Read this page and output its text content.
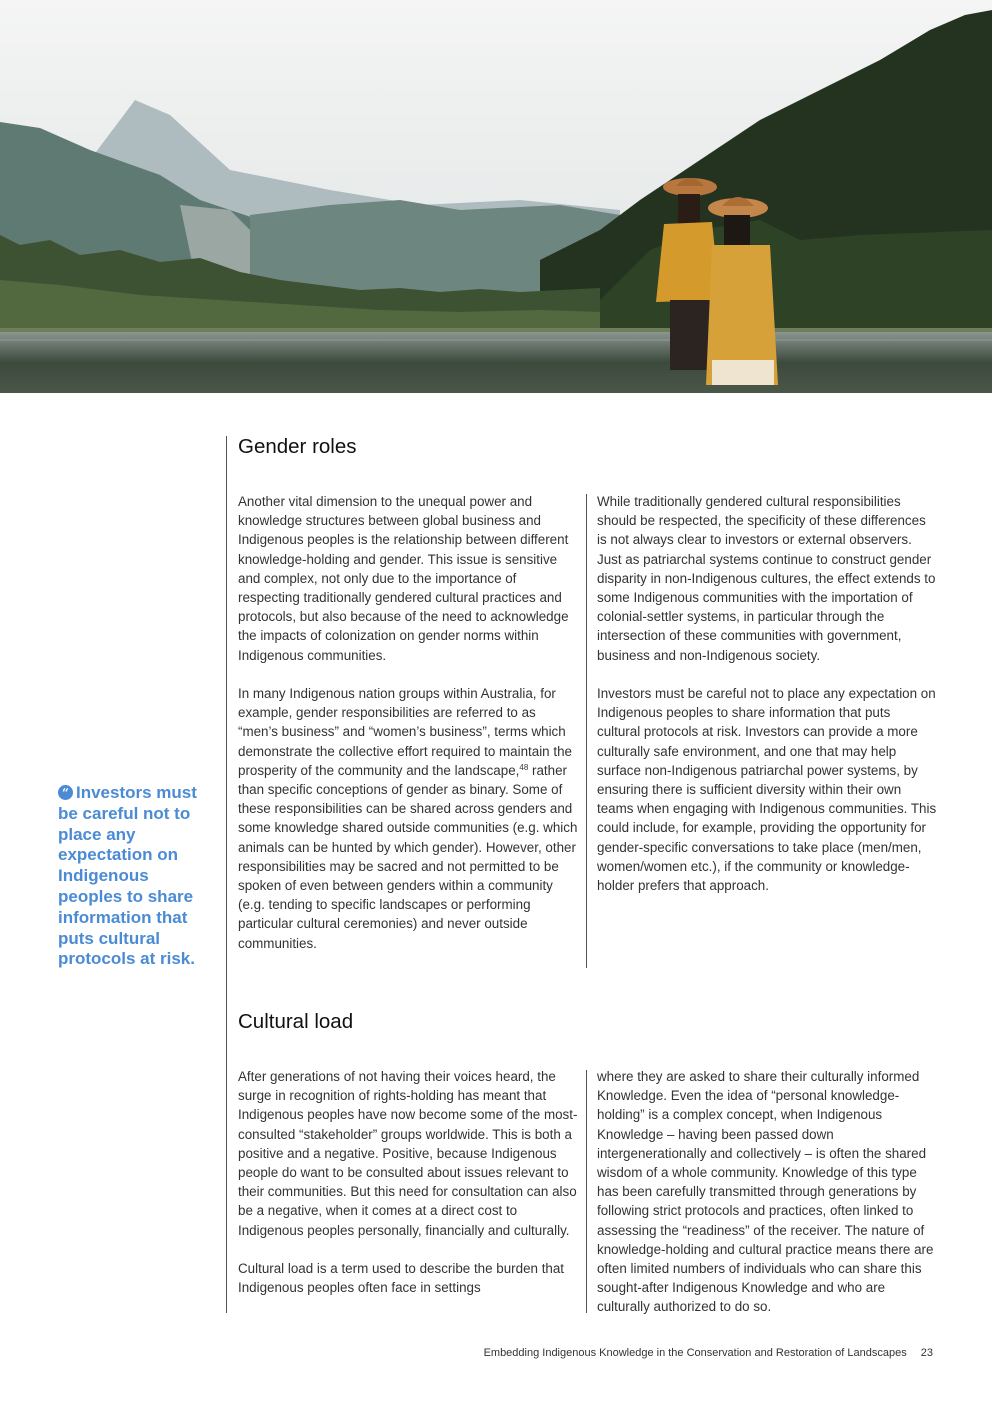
“ Investors must be careful not to place any expectation on Indigenous peoples to share information that puts cultural protocols at risk.
Gender roles

Another vital dimension to the unequal power and knowledge structures between global business and Indigenous peoples is the relationship between different knowledge-holding and gender. This issue is sensitive and complex, not only due to the importance of respecting traditionally gendered cultural practices and protocols, but also because of the need to acknowledge the impacts of colonization on gender norms within Indigenous communities.

In many Indigenous nation groups within Australia, for example, gender responsibilities are referred to as “men’s business” and “women’s business”, terms which demonstrate the collective effort required to maintain the prosperity of the community and the landscape,$^{48}$ rather than specific conceptions of gender as binary. Some of these responsibilities can be shared across genders and some knowledge shared outside communities (e.g. which animals can be hunted by which gender). However, other responsibilities may be sacred and not permitted to be spoken of even between genders within a community (e.g. tending to specific landscapes or performing particular cultural ceremonies) and never outside communities.

While traditionally gendered cultural responsibilities should be respected, the specificity of these differences is not always clear to investors or external observers. Just as patriarchal systems continue to construct gender disparity in non-Indigenous cultures, the effect extends to some Indigenous communities with the importation of colonial-settler systems, in particular through the intersection of these communities with government, business and non-Indigenous society.

Investors must be careful not to place any expectation on Indigenous peoples to share information that puts cultural protocols at risk. Investors can provide a more culturally safe environment, and one that may help surface non-Indigenous patriarchal power systems, by ensuring there is sufficient diversity within their own teams when engaging with Indigenous communities. This could include, for example, providing the opportunity for gender-specific conversations to take place (men/men, women/women etc.), if the community or knowledge-holder prefers that approach.

Cultural load

After generations of not having their voices heard, the surge in recognition of rights-holding has meant that Indigenous peoples have now become some of the most-consulted “stakeholder” groups worldwide. This is both a positive and a negative. Positive, because Indigenous people do want to be consulted about issues relevant to their communities. But this need for consultation can also be a negative, when it comes at a direct cost to Indigenous peoples personally, financially and culturally.

Cultural load is a term used to describe the burden that Indigenous peoples often face in settings

where they are asked to share their culturally informed Knowledge. Even the idea of “personal knowledge-holding” is a complex concept, when Indigenous Knowledge – having been passed down intergenerationally and collectively – is often the shared wisdom of a whole community. Knowledge of this type has been carefully transmitted through generations by following strict protocols and practices, often linked to assessing the “readiness” of the receiver. The nature of knowledge-holding and cultural practice means there are often limited numbers of individuals who can share this sought-after Indigenous Knowledge and who are culturally authorized to do so.

Embedding Indigenous Knowledge in the Conservation and Restoration of Landscapes 23
